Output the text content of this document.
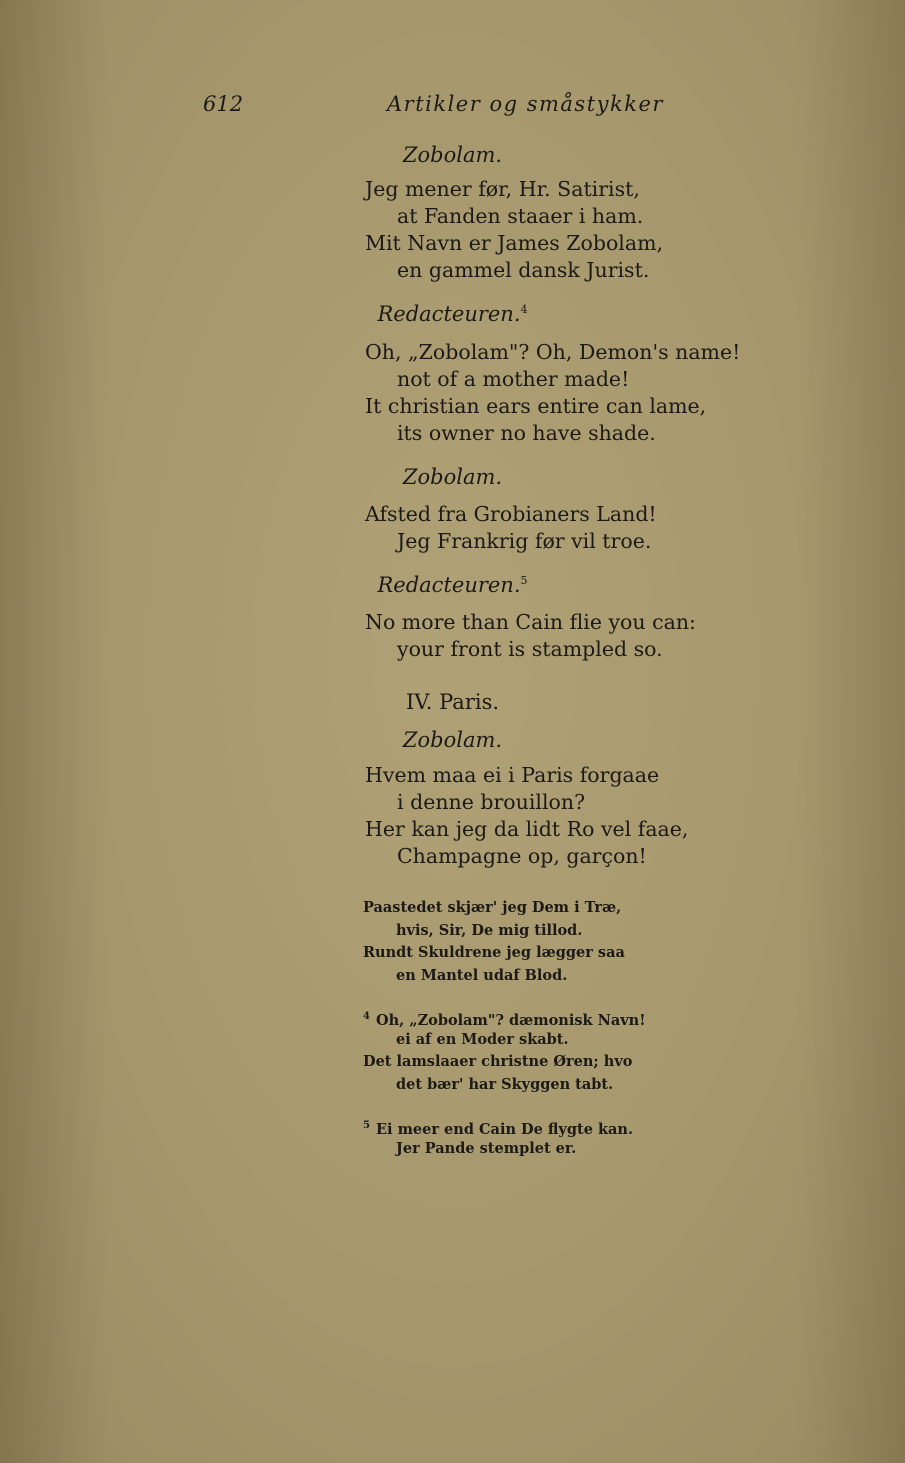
612	Artikler og småstykker
Zobolam.
Jeg mener før, Hr. Satirist,
at Fanden staaer i ham.
Mit Navn er James Zobolam,
en gammel dansk Jurist.
Redacteuren.$^4$
Oh, „Zobolam"? Oh, Demon's name!
not of a mother made!
It christian ears entire can lame,
its owner no have shade.
Zobolam.
Afsted fra Grobianers Land!
Jeg Frankrig før vil troe.
Redacteuren.$^5$
No more than Cain flie you can:
your front is stampled so.
IV. Paris.
Zobolam.
Hvem maa ei i Paris forgaae
i denne brouillon?
Her kan jeg da lidt Ro vel faae,
Champagne op, garçon!
Paastedet skjær' jeg Dem i Træ,
hvis, Sir, De mig tillod.
Rundt Skuldrene jeg lægger saa
en Mantel udaf Blod.
$^4$ Oh, „Zobolam"? dæmonisk Navn!
ei af en Moder skabt.
Det lamslaaer christne Øren; hvo
det bær' har Skyggen tabt.
$^5$ Ei meer end Cain De flygte kan.
Jer Pande stemplet er.
